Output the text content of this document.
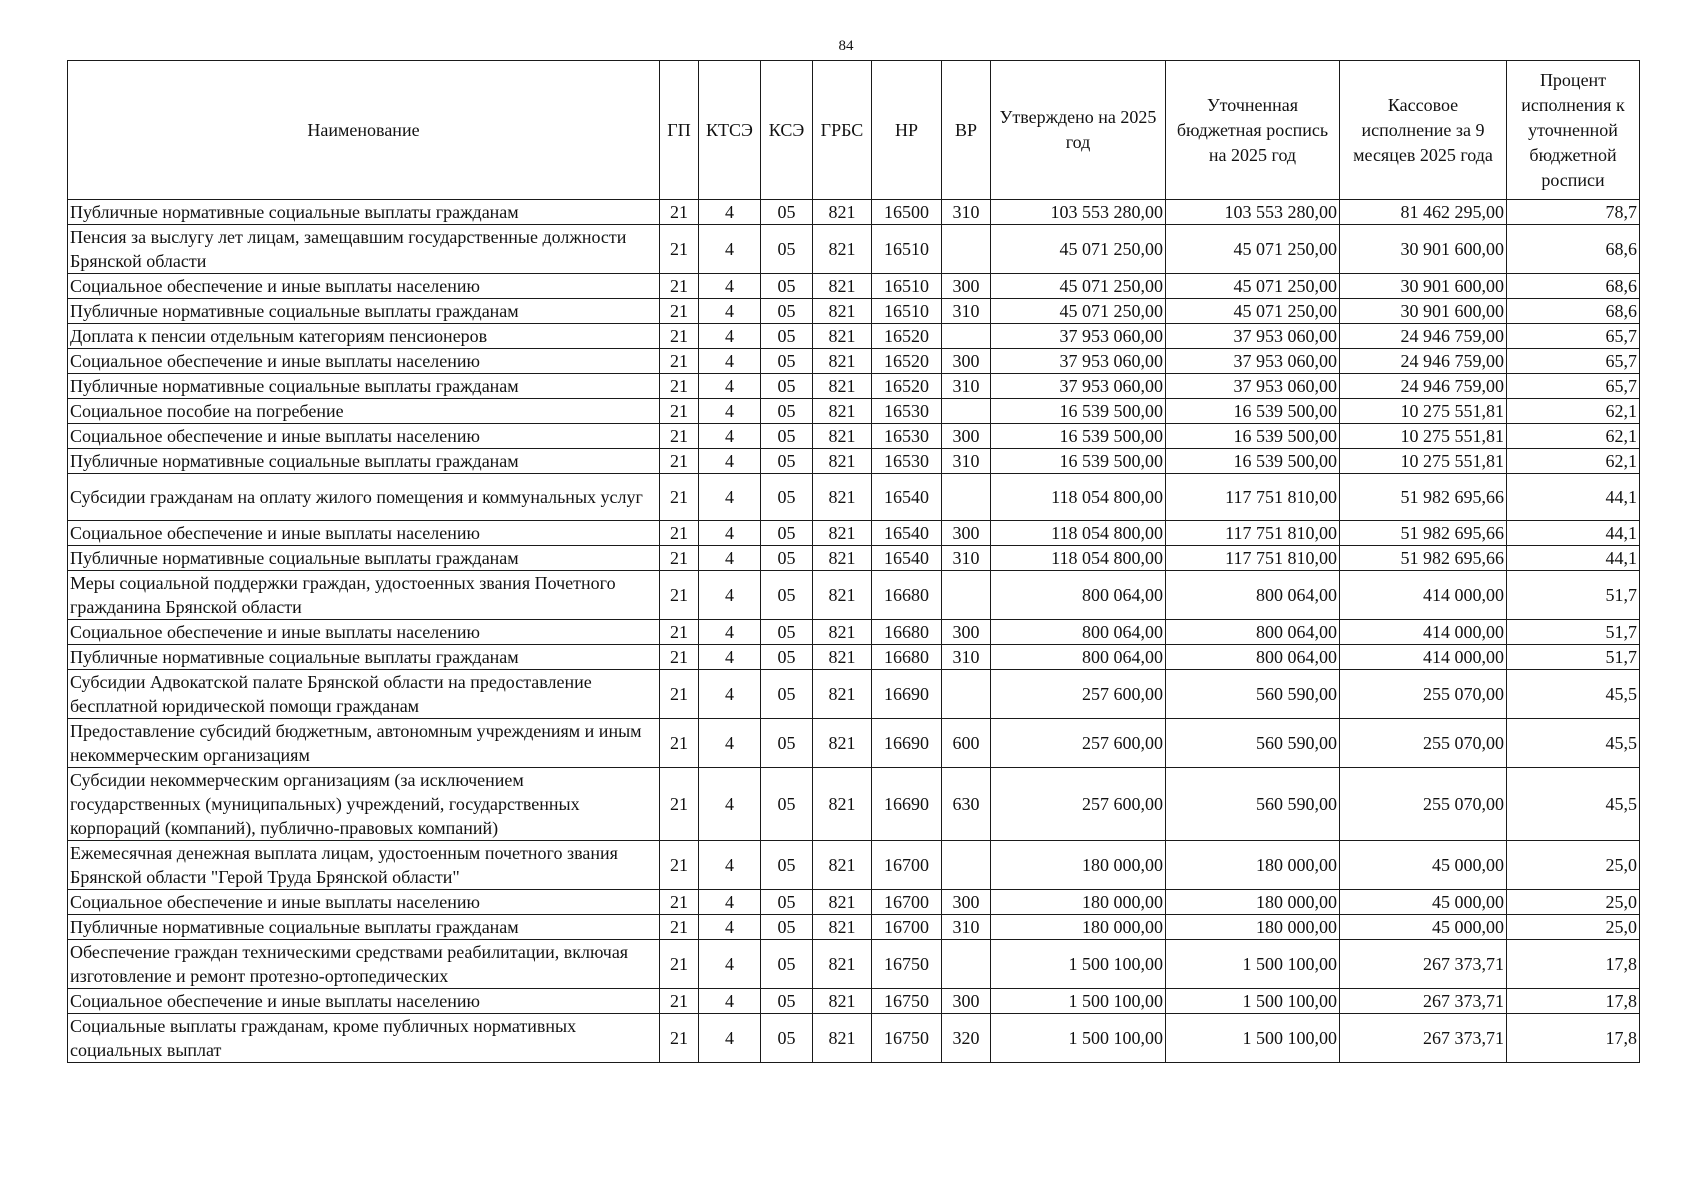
84
Наименование	ГП	КТСЭ	КСЭ	ГРБС	НР	ВР	Утверждено на 2025 год	Уточненная бюджетная роспись на 2025 год	Кассовое исполнение за 9 месяцев 2025 года	Процент исполнения к уточненной бюджетной росписи
Публичные нормативные социальные выплаты гражданам	21	4	05	821	16500	310	103 553 280,00	103 553 280,00	81 462 295,00	78,7
Пенсия за выслугу лет лицам, замещавшим государственные должности Брянской области	21	4	05	821	16510		45 071 250,00	45 071 250,00	30 901 600,00	68,6
Социальное обеспечение и иные выплаты населению	21	4	05	821	16510	300	45 071 250,00	45 071 250,00	30 901 600,00	68,6
Публичные нормативные социальные выплаты гражданам	21	4	05	821	16510	310	45 071 250,00	45 071 250,00	30 901 600,00	68,6
Доплата к пенсии отдельным категориям пенсионеров	21	4	05	821	16520		37 953 060,00	37 953 060,00	24 946 759,00	65,7
Социальное обеспечение и иные выплаты населению	21	4	05	821	16520	300	37 953 060,00	37 953 060,00	24 946 759,00	65,7
Публичные нормативные социальные выплаты гражданам	21	4	05	821	16520	310	37 953 060,00	37 953 060,00	24 946 759,00	65,7
Социальное пособие на погребение	21	4	05	821	16530		16 539 500,00	16 539 500,00	10 275 551,81	62,1
Социальное обеспечение и иные выплаты населению	21	4	05	821	16530	300	16 539 500,00	16 539 500,00	10 275 551,81	62,1
Публичные нормативные социальные выплаты гражданам	21	4	05	821	16530	310	16 539 500,00	16 539 500,00	10 275 551,81	62,1
Субсидии гражданам на оплату жилого помещения и коммунальных услуг	21	4	05	821	16540		118 054 800,00	117 751 810,00	51 982 695,66	44,1
Социальное обеспечение и иные выплаты населению	21	4	05	821	16540	300	118 054 800,00	117 751 810,00	51 982 695,66	44,1
Публичные нормативные социальные выплаты гражданам	21	4	05	821	16540	310	118 054 800,00	117 751 810,00	51 982 695,66	44,1
Меры социальной поддержки граждан, удостоенных звания Почетного гражданина Брянской области	21	4	05	821	16680		800 064,00	800 064,00	414 000,00	51,7
Социальное обеспечение и иные выплаты населению	21	4	05	821	16680	300	800 064,00	800 064,00	414 000,00	51,7
Публичные нормативные социальные выплаты гражданам	21	4	05	821	16680	310	800 064,00	800 064,00	414 000,00	51,7
Субсидии Адвокатской палате Брянской области на предоставление бесплатной юридической помощи гражданам	21	4	05	821	16690		257 600,00	560 590,00	255 070,00	45,5
Предоставление субсидий бюджетным, автономным учреждениям и иным некоммерческим организациям	21	4	05	821	16690	600	257 600,00	560 590,00	255 070,00	45,5
Субсидии некоммерческим организациям (за исключением государственных (муниципальных) учреждений, государственных корпораций (компаний), публично-правовых компаний)	21	4	05	821	16690	630	257 600,00	560 590,00	255 070,00	45,5
Ежемесячная денежная выплата лицам, удостоенным почетного звания Брянской области "Герой Труда Брянской области"	21	4	05	821	16700		180 000,00	180 000,00	45 000,00	25,0
Социальное обеспечение и иные выплаты населению	21	4	05	821	16700	300	180 000,00	180 000,00	45 000,00	25,0
Публичные нормативные социальные выплаты гражданам	21	4	05	821	16700	310	180 000,00	180 000,00	45 000,00	25,0
Обеспечение граждан техническими средствами реабилитации, включая изготовление и ремонт протезно-ортопедических	21	4	05	821	16750		1 500 100,00	1 500 100,00	267 373,71	17,8
Социальное обеспечение и иные выплаты населению	21	4	05	821	16750	300	1 500 100,00	1 500 100,00	267 373,71	17,8
Социальные выплаты гражданам, кроме публичных нормативных социальных выплат	21	4	05	821	16750	320	1 500 100,00	1 500 100,00	267 373,71	17,8
